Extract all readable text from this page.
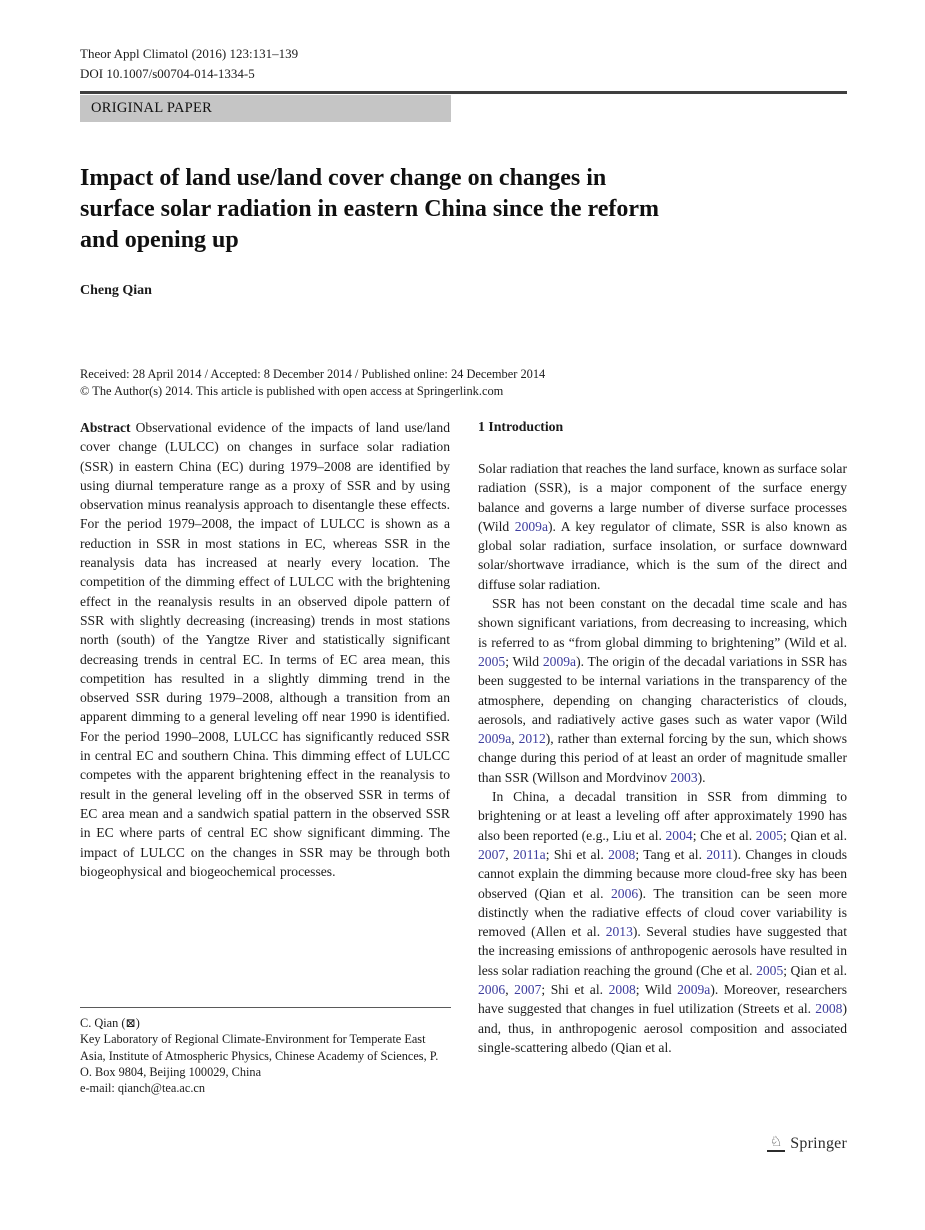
Theor Appl Climatol (2016) 123:131–139
DOI 10.1007/s00704-014-1334-5
ORIGINAL PAPER
Impact of land use/land cover change on changes in surface solar radiation in eastern China since the reform and opening up
Cheng Qian
Received: 28 April 2014 / Accepted: 8 December 2014 / Published online: 24 December 2014
© The Author(s) 2014. This article is published with open access at Springerlink.com

Abstract Observational evidence of the impacts of land use/land cover change (LULCC) on changes in surface solar radiation (SSR) in eastern China (EC) during 1979–2008 are identified by using diurnal temperature range as a proxy of SSR and by using observation minus reanalysis approach to disentangle these effects. For the period 1979–2008, the impact of LULCC is shown as a reduction in SSR in most stations in EC, whereas SSR in the reanalysis data has increased at nearly every location. The competition of the dimming effect of LULCC with the brightening effect in the reanalysis results in an observed dipole pattern of SSR with slightly decreasing (increasing) trends in most stations north (south) of the Yangtze River and statistically significant decreasing trends in central EC. In terms of EC area mean, this competition has resulted in a slightly dimming trend in the observed SSR during 1979–2008, although a transition from an apparent dimming to a general leveling off near 1990 is identified. For the period 1990–2008, LULCC has significantly reduced SSR in central EC and southern China. This dimming effect of LULCC competes with the apparent brightening effect in the reanalysis to result in the general leveling off in the observed SSR in terms of EC area mean and a sandwich spatial pattern in the observed SSR in EC where parts of central EC show significant dimming. The impact of LULCC on the changes in SSR may be through both biogeophysical and biogeochemical processes.

1 Introduction

Solar radiation that reaches the land surface, known as surface solar radiation (SSR), is a major component of the surface energy balance and governs a large number of diverse surface processes (Wild 2009a). A key regulator of climate, SSR is also known as global solar radiation, surface insolation, or surface downward solar/shortwave irradiance, which is the sum of the direct and diffuse solar radiation.

SSR has not been constant on the decadal time scale and has shown significant variations, from decreasing to increasing, which is referred to as “from global dimming to brightening” (Wild et al. 2005; Wild 2009a). The origin of the decadal variations in SSR has been suggested to be internal variations in the transparency of the atmosphere, depending on changing characteristics of clouds, aerosols, and radiatively active gases such as water vapor (Wild 2009a, 2012), rather than external forcing by the sun, which shows change during this period of at least an order of magnitude smaller than SSR (Willson and Mordvinov 2003).

In China, a decadal transition in SSR from dimming to brightening or at least a leveling off after approximately 1990 has also been reported (e.g., Liu et al. 2004; Che et al. 2005; Qian et al. 2007, 2011a; Shi et al. 2008; Tang et al. 2011). Changes in clouds cannot explain the dimming because more cloud-free sky has been observed (Qian et al. 2006). The transition can be seen more distinctly when the radiative effects of cloud cover variability is removed (Allen et al. 2013). Several studies have suggested that the increasing emissions of anthropogenic aerosols have resulted in less solar radiation reaching the ground (Che et al. 2005; Qian et al. 2006, 2007; Shi et al. 2008; Wild 2009a). Moreover, researchers have suggested that changes in fuel utilization (Streets et al. 2008) and, thus, in anthropogenic aerosol composition and associated single-scattering albedo (Qian et al.

C. Qian (⊠)

Key Laboratory of Regional Climate-Environment for Temperate East Asia, Institute of Atmospheric Physics, Chinese Academy of Sciences, P. O. Box 9804, Beijing 100029, China

e-mail: qianch@tea.ac.cn

♘ Springer
